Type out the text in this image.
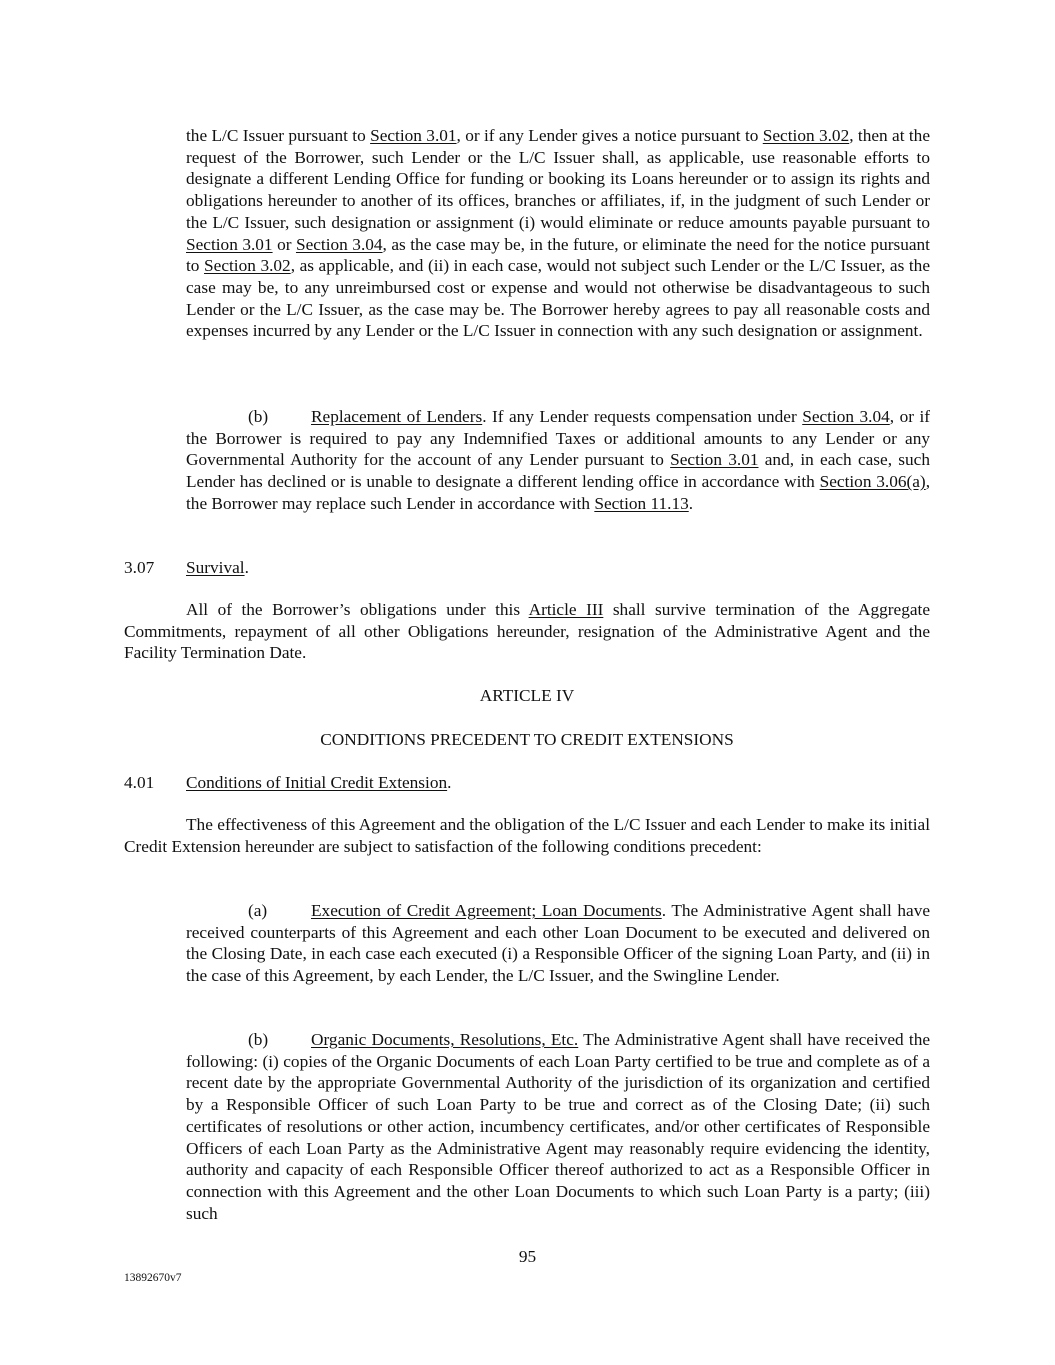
the L/C Issuer pursuant to Section 3.01, or if any Lender gives a notice pursuant to Section 3.02, then at the request of the Borrower, such Lender or the L/C Issuer shall, as applicable, use reasonable efforts to designate a different Lending Office for funding or booking its Loans hereunder or to assign its rights and obligations hereunder to another of its offices, branches or affiliates, if, in the judgment of such Lender or the L/C Issuer, such designation or assignment (i) would eliminate or reduce amounts payable pursuant to Section 3.01 or Section 3.04, as the case may be, in the future, or eliminate the need for the notice pursuant to Section 3.02, as applicable, and (ii) in each case, would not subject such Lender or the L/C Issuer, as the case may be, to any unreimbursed cost or expense and would not otherwise be disadvantageous to such Lender or the L/C Issuer, as the case may be. The Borrower hereby agrees to pay all reasonable costs and expenses incurred by any Lender or the L/C Issuer in connection with any such designation or assignment.

(b) Replacement of Lenders. If any Lender requests compensation under Section 3.04, or if the Borrower is required to pay any Indemnified Taxes or additional amounts to any Lender or any Governmental Authority for the account of any Lender pursuant to Section 3.01 and, in each case, such Lender has declined or is unable to designate a different lending office in accordance with Section 3.06(a), the Borrower may replace such Lender in accordance with Section 11.13.

3.07 Survival.

All of the Borrower’s obligations under this Article III shall survive termination of the Aggregate Commitments, repayment of all other Obligations hereunder, resignation of the Administrative Agent and the Facility Termination Date.

ARTICLE IV

CONDITIONS PRECEDENT TO CREDIT EXTENSIONS

4.01 Conditions of Initial Credit Extension.

The effectiveness of this Agreement and the obligation of the L/C Issuer and each Lender to make its initial Credit Extension hereunder are subject to satisfaction of the following conditions precedent:

(a)	Execution of Credit Agreement; Loan Documents. The Administrative Agent shall have received counterparts of this Agreement and each other Loan Document to be executed and delivered on the Closing Date, in each case each executed (i) a Responsible Officer of the signing Loan Party, and (ii) in the case of this Agreement, by each Lender, the L/C Issuer, and the Swingline Lender.

(b) Organic Documents, Resolutions, Etc. The Administrative Agent shall have received the following: (i) copies of the Organic Documents of each Loan Party certified to be true and complete as of a recent date by the appropriate Governmental Authority of the jurisdiction of its organization and certified by a Responsible Officer of such Loan Party to be true and correct as of the Closing Date; (ii) such certificates of resolutions or other action, incumbency certificates, and/or other certificates of Responsible Officers of each Loan Party as the Administrative Agent may reasonably require evidencing the identity, authority and capacity of each Responsible Officer thereof authorized to act as a Responsible Officer in connection with this Agreement and the other Loan Documents to which such Loan Party is a party; (iii) such

95

13892670v7
